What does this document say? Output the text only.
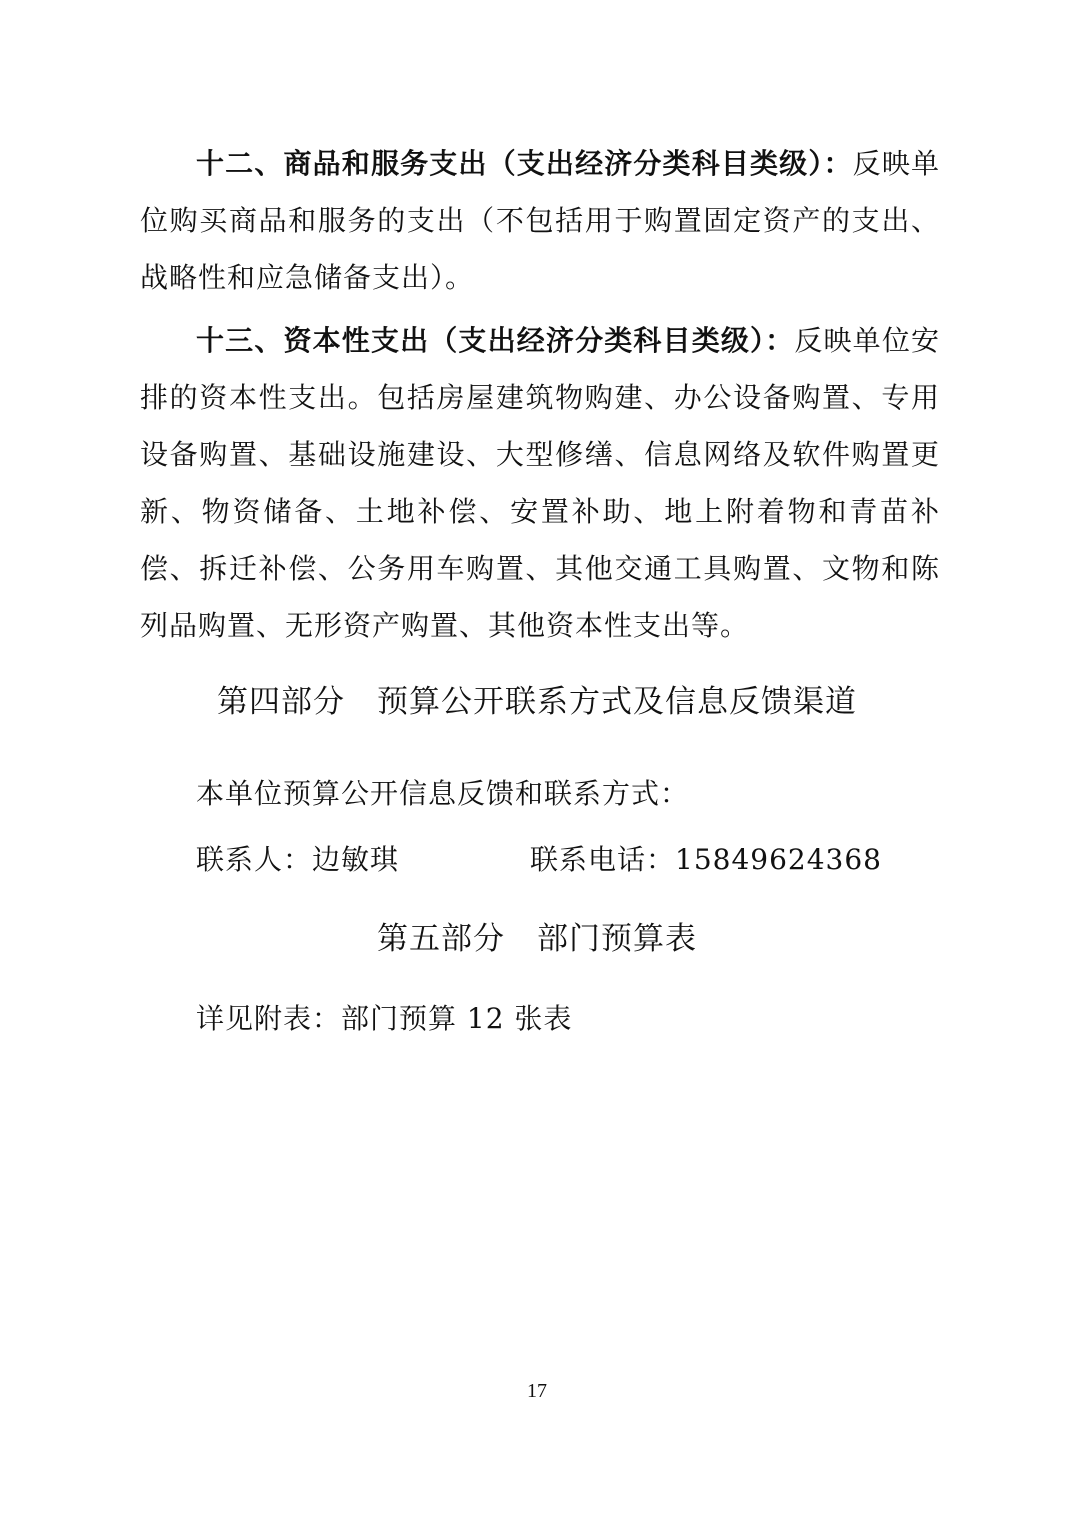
十二、商品和服务支出（支出经济分类科目类级）：反映单位购买商品和服务的支出（不包括用于购置固定资产的支出、战略性和应急储备支出）。

十三、资本性支出（支出经济分类科目类级）：反映单位安排的资本性支出。包括房屋建筑物购建、办公设备购置、专用设备购置、基础设施建设、大型修缮、信息网络及软件购置更新、物资储备、土地补偿、安置补助、地上附着物和青苗补偿、拆迁补偿、公务用车购置、其他交通工具购置、文物和陈列品购置、无形资产购置、其他资本性支出等。

第四部分　预算公开联系方式及信息反馈渠道

本单位预算公开信息反馈和联系方式：

联系人：边敏琪	联系电话：15849624368

第五部分　部门预算表

详见附表：部门预算 12 张表

17
